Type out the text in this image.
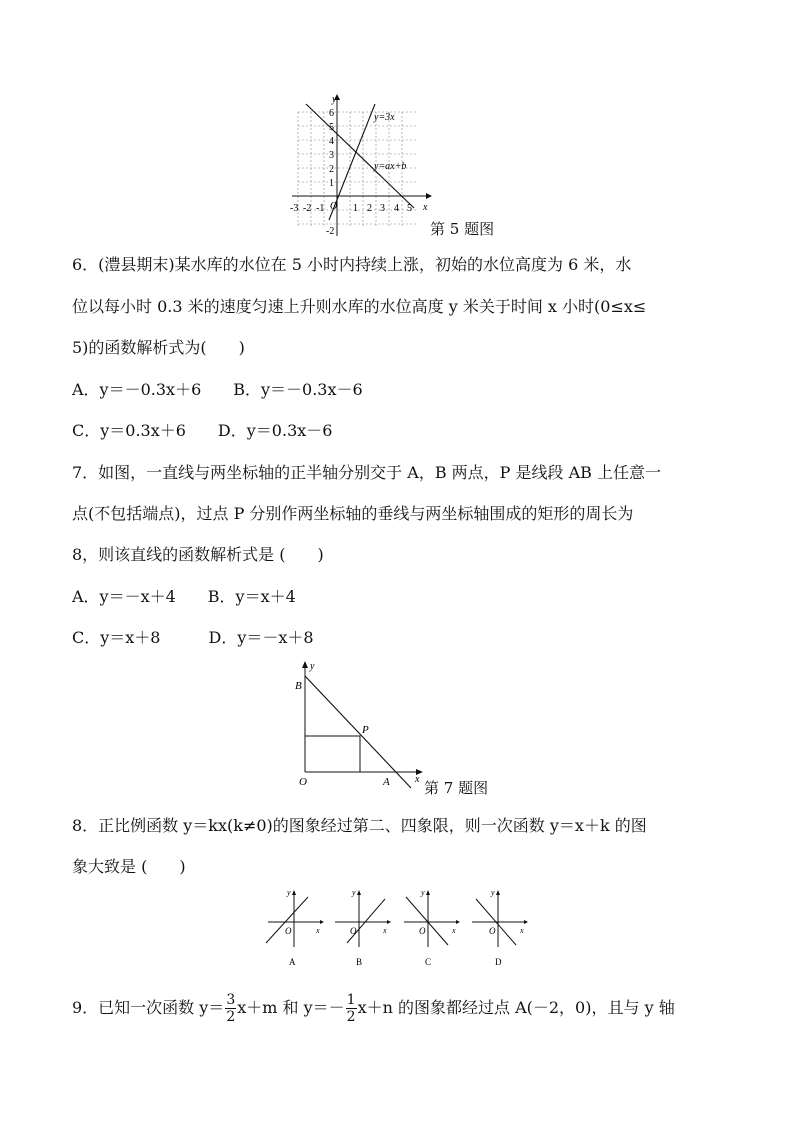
y
x
y=3x
y=ax+b
O
1
2
3
4
5
6
-2
-3 -2 -1	1 2 3 4 5
第 5 题图
6．(澧县期末)某水库的水位在 5 小时内持续上涨，初始的水位高度为 6 米，水
位以每小时 0.3 米的速度匀速上升则水库的水位高度 y 米关于时间 x 小时(0≤x≤
5)的函数解析式为(　　)
A．y＝－0.3x＋6　　B．y＝－0.3x－6
C．y＝0.3x＋6　　D．y＝0.3x－6
7．如图，一直线与两坐标轴的正半轴分别交于 A，B 两点，P 是线段 AB 上任意一
点(不包括端点)，过点 P 分别作两坐标轴的垂线与两坐标轴围成的矩形的周长为
8，则该直线的函数解析式是 (　　)
A．y＝－x＋4　　B．y＝x＋4
C．y＝x＋8　　　D．y＝－x＋8
y
x
B
P
O	A 第 7 题图
8．正比例函数 y＝kx(k≠0)的图象经过第二、四象限，则一次函数 y＝x＋k 的图
象大致是 (　　)
y
x
O
A
y
x
O
B
y
x
O
C
y
x
O
D
9．已知一次函数 $y= \frac{3}{2} x+m$ 和 $y=- \frac{1}{2} x+n$ 的图象都经过点 A(－2，0)，且与 y 轴
